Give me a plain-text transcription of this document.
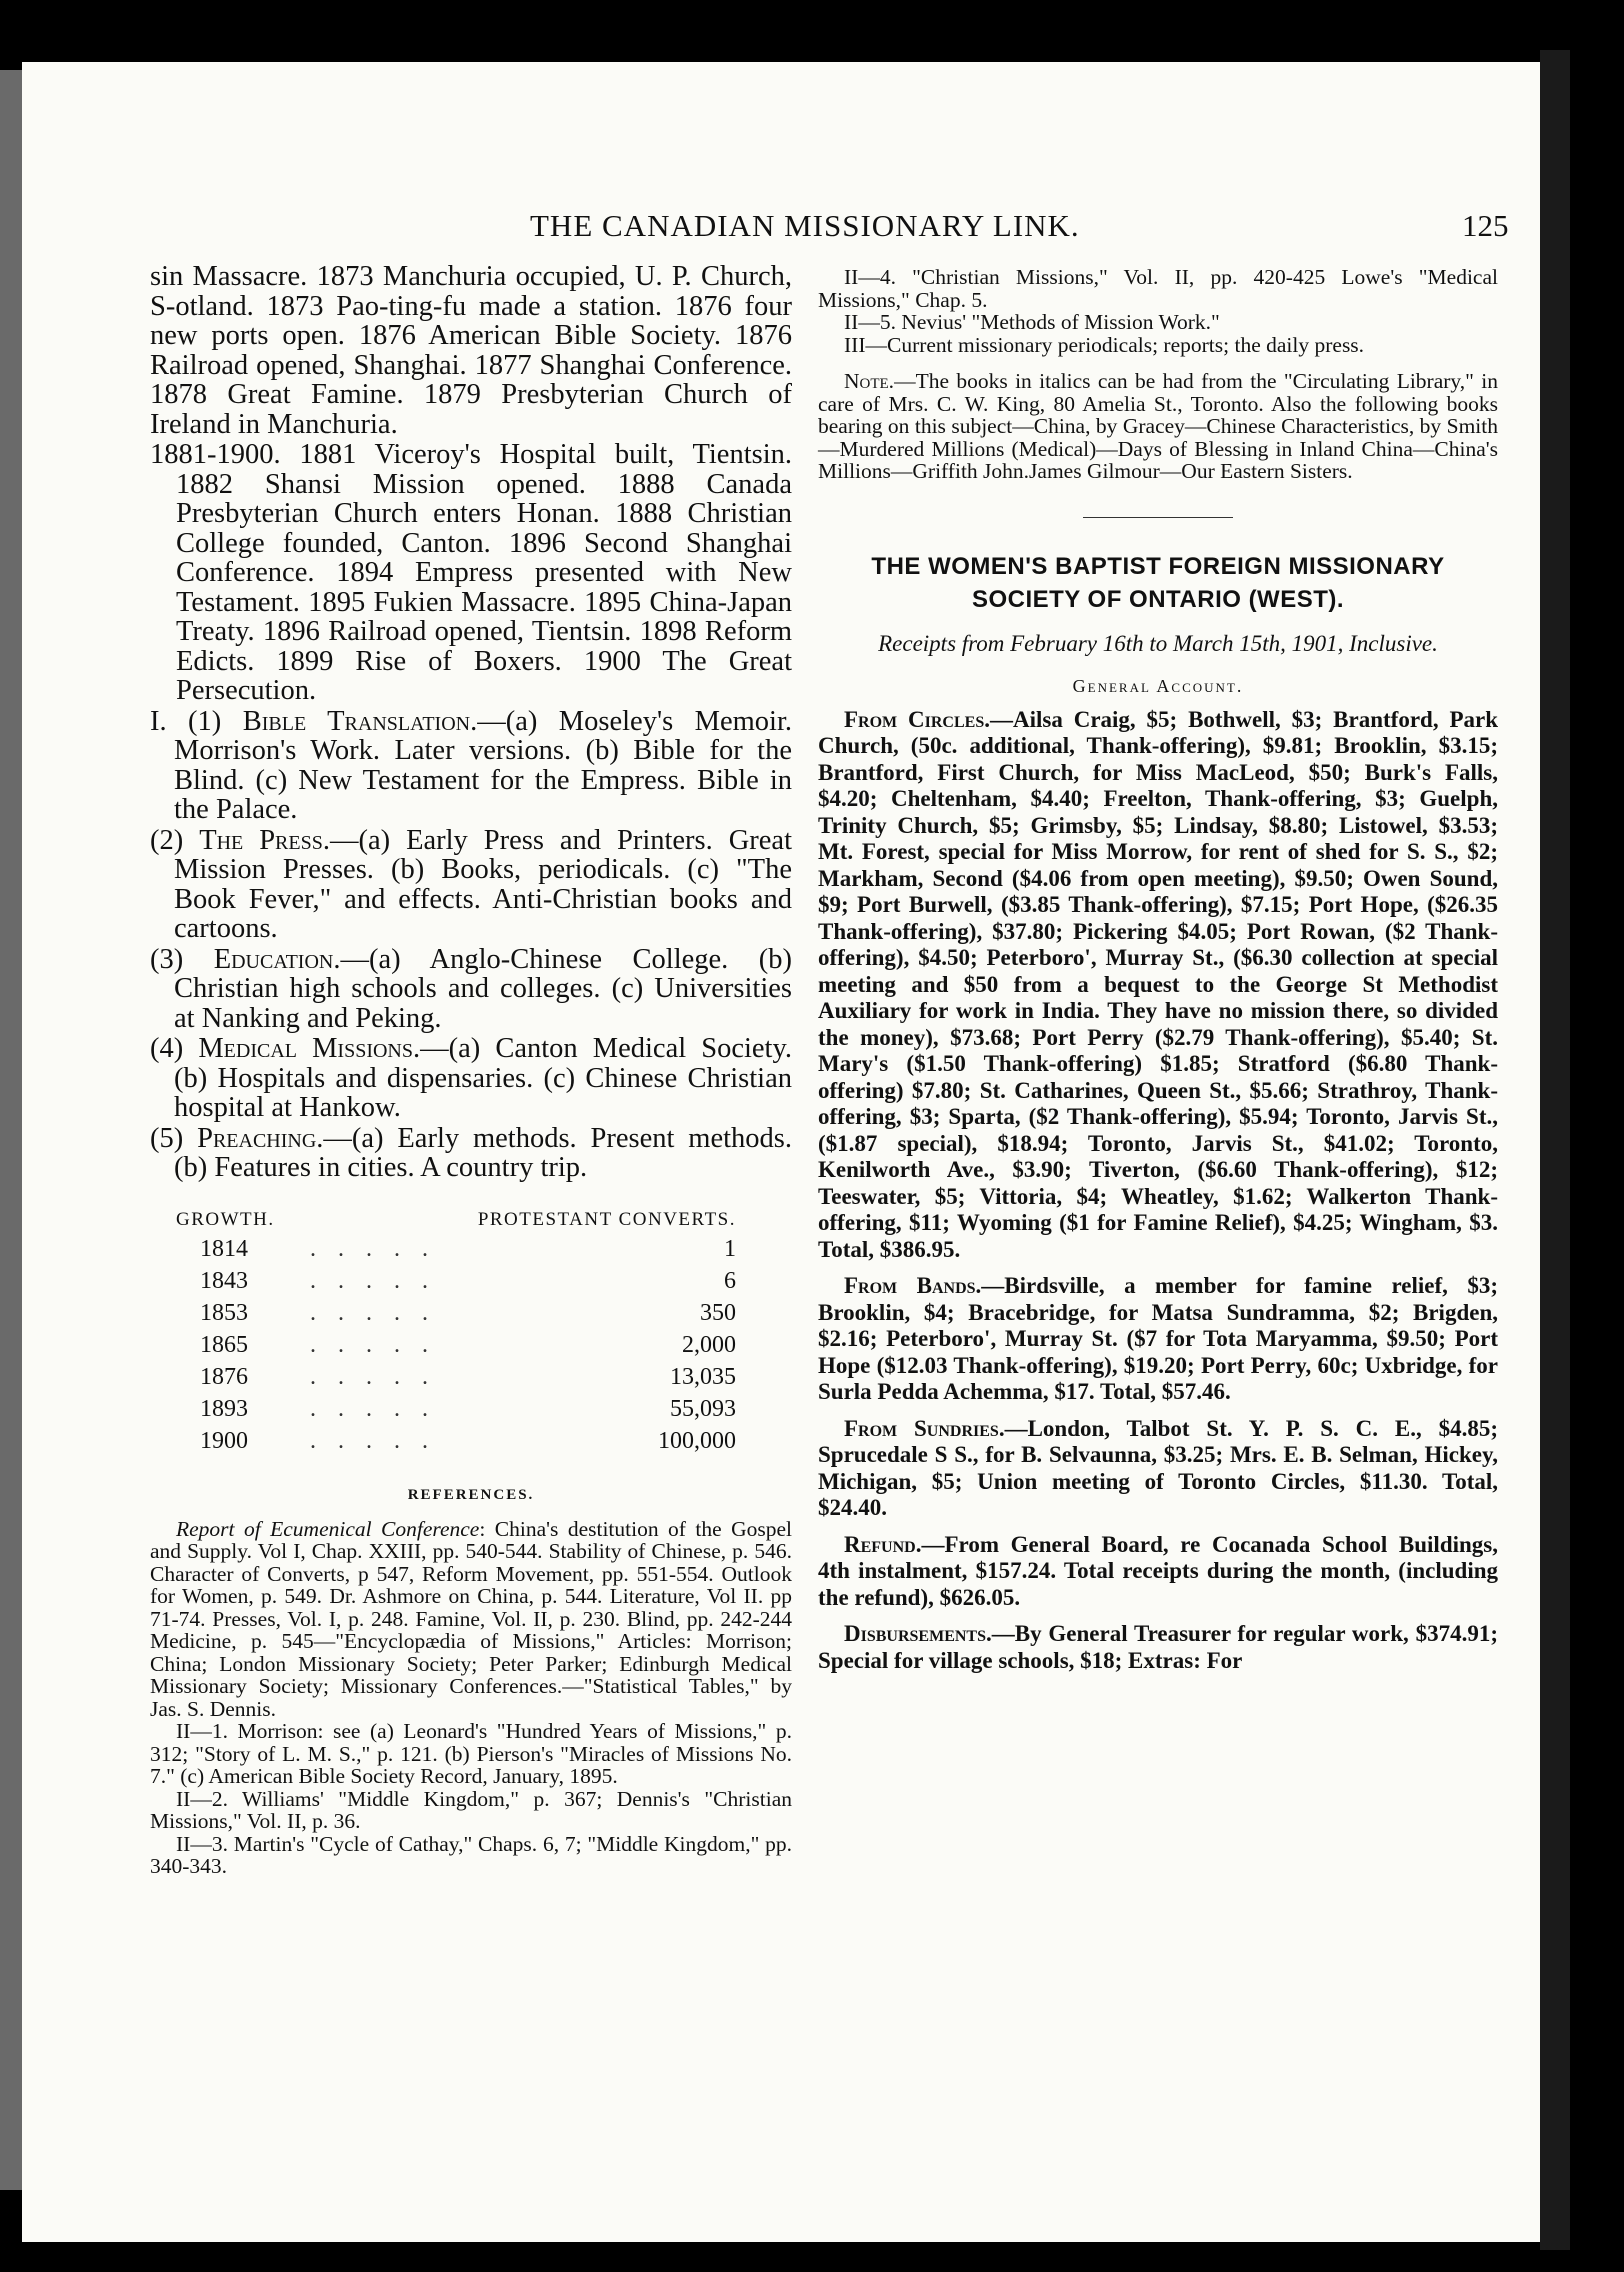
THE CANADIAN MISSIONARY LINK.	125

sin Massacre. 1873 Manchuria occupied, U. P. Church, S-otland. 1873 Pao-ting-fu made a station. 1876 four new ports open. 1876 American Bible Society. 1876 Railroad opened, Shanghai. 1877 Shanghai Conference. 1878 Great Famine. 1879 Presbyterian Church of Ireland in Manchuria.

1881-1900. 1881 Viceroy's Hospital built, Tientsin. 1882 Shansi Mission opened. 1888 Canada Presbyterian Church enters Honan. 1888 Christian College founded, Canton. 1896 Second Shanghai Conference. 1894 Empress presented with New Testament. 1895 Fukien Massacre. 1895 China-Japan Treaty. 1896 Railroad opened, Tientsin. 1898 Reform Edicts. 1899 Rise of Boxers. 1900 The Great Persecution.

I. (1) Bible Translation.—(a) Moseley's Memoir. Morrison's Work. Later versions. (b) Bible for the Blind. (c) New Testament for the Empress. Bible in the Palace.

(2) The Press.—(a) Early Press and Printers. Great Mission Presses. (b) Books, periodicals. (c) "The Book Fever," and effects. Anti-Christian books and cartoons.

(3) Education.—(a) Anglo-Chinese College. (b) Christian high schools and colleges. (c) Universities at Nanking and Peking.

(4) Medical Missions.—(a) Canton Medical Society. (b) Hospitals and dispensaries. (c) Chinese Christian hospital at Hankow.

(5) Preaching.—(a) Early methods. Present methods. (b) Features in cities. A country trip.

GROWTH.	PROTESTANT CONVERTS.	
1814	.....	1
1843	.....	6
1853	.....	350
1865	.....	2,000
1876	.....	13,035
1893	.....	55,093
1900	.....	100,000
REFERENCES.

Report of Ecumenical Conference: China's destitution of the Gospel and Supply. Vol I, Chap. XXIII, pp. 540-544. Stability of Chinese, p. 546. Character of Converts, p 547, Reform Movement, pp. 551-554. Outlook for Women, p. 549. Dr. Ashmore on China, p. 544. Literature, Vol II. pp 71-74. Presses, Vol. I, p. 248. Famine, Vol. II, p. 230. Blind, pp. 242-244 Medicine, p. 545—"Encyclopædia of Missions," Articles: Morrison; China; London Missionary Society; Peter Parker; Edinburgh Medical Missionary Society; Missionary Conferences.—"Statistical Tables," by Jas. S. Dennis.

II—1. Morrison: see (a) Leonard's "Hundred Years of Missions," p. 312; "Story of L. M. S.," p. 121. (b) Pierson's "Miracles of Missions No. 7." (c) American Bible Society Record, January, 1895.

II—2. Williams' "Middle Kingdom," p. 367; Dennis's "Christian Missions," Vol. II, p. 36.

II—3. Martin's "Cycle of Cathay," Chaps. 6, 7; "Middle Kingdom," pp. 340-343.

II—4. "Christian Missions," Vol. II, pp. 420-425 Lowe's "Medical Missions," Chap. 5.

II—5. Nevius' "Methods of Mission Work."

III—Current missionary periodicals; reports; the daily press.

Note.—The books in italics can be had from the "Circulating Library," in care of Mrs. C. W. King, 80 Amelia St., Toronto. Also the following books bearing on this subject—China, by Gracey—Chinese Characteristics, by Smith—Murdered Millions (Medical)—Days of Blessing in Inland China—China's Millions—Griffith John.James Gilmour—Our Eastern Sisters.

THE WOMEN'S BAPTIST FOREIGN MISSIONARY SOCIETY OF ONTARIO (WEST).
Receipts from February 16th to March 15th, 1901, Inclusive.
General Account.

From Circles.—Ailsa Craig, $5; Bothwell, $3; Brantford, Park Church, (50c. additional, Thank-offering), $9.81; Brooklin, $3.15; Brantford, First Church, for Miss MacLeod, $50; Burk's Falls, $4.20; Cheltenham, $4.40; Freelton, Thank-offering, $3; Guelph, Trinity Church, $5; Grimsby, $5; Lindsay, $8.80; Listowel, $3.53; Mt. Forest, special for Miss Morrow, for rent of shed for S. S., $2; Markham, Second ($4.06 from open meeting), $9.50; Owen Sound, $9; Port Burwell, ($3.85 Thank-offering), $7.15; Port Hope, ($26.35 Thank-offering), $37.80; Pickering $4.05; Port Rowan, ($2 Thank-offering), $4.50; Peterboro', Murray St., ($6.30 collection at special meeting and $50 from a bequest to the George St Methodist Auxiliary for work in India. They have no mission there, so divided the money), $73.68; Port Perry ($2.79 Thank-offering), $5.40; St. Mary's ($1.50 Thank-offering) $1.85; Stratford ($6.80 Thank-offering) $7.80; St. Catharines, Queen St., $5.66; Strathroy, Thank-offering, $3; Sparta, ($2 Thank-offering), $5.94; Toronto, Jarvis St., ($1.87 special), $18.94; Toronto, Jarvis St., $41.02; Toronto, Kenilworth Ave., $3.90; Tiverton, ($6.60 Thank-offering), $12; Teeswater, $5; Vittoria, $4; Wheatley, $1.62; Walkerton Thank-offering, $11; Wyoming ($1 for Famine Relief), $4.25; Wingham, $3. Total, $386.95.

From Bands.—Birdsville, a member for famine relief, $3; Brooklin, $4; Bracebridge, for Matsa Sundramma, $2; Brigden, $2.16; Peterboro', Murray St. ($7 for Tota Maryamma, $9.50; Port Hope ($12.03 Thank-offering), $19.20; Port Perry, 60c; Uxbridge, for Surla Pedda Achemma, $17. Total, $57.46.

From Sundries.—London, Talbot St. Y. P. S. C. E., $4.85; Sprucedale S S., for B. Selvaunna, $3.25; Mrs. E. B. Selman, Hickey, Michigan, $5; Union meeting of Toronto Circles, $11.30. Total, $24.40.

Refund.—From General Board, re Cocanada School Buildings, 4th instalment, $157.24. Total receipts during the month, (including the refund), $626.05.

Disbursements.—By General Treasurer for regular work, $374.91; Special for village schools, $18; Extras: For
